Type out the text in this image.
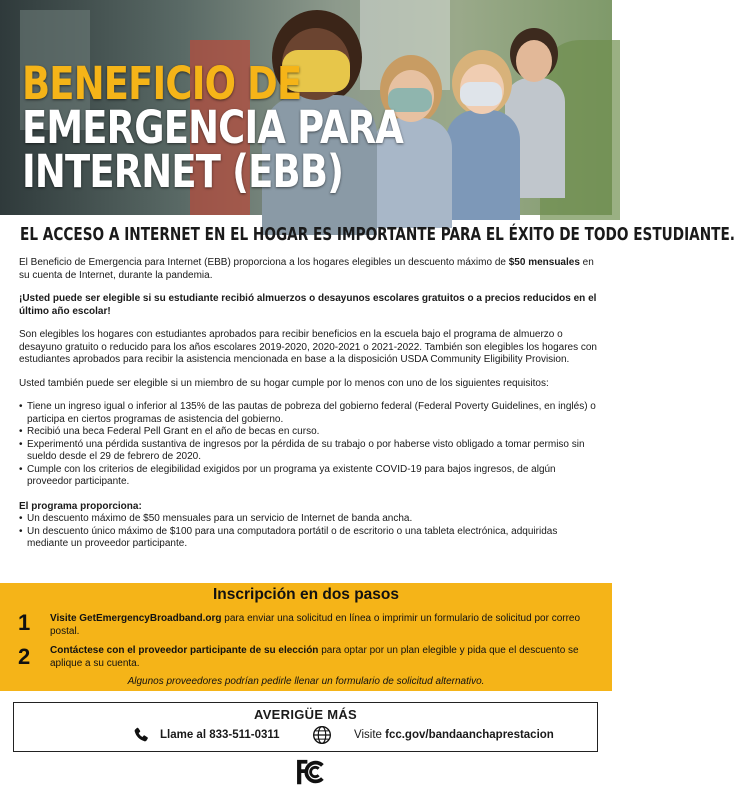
BENEFICIO DE
EMERGENCIA PARA
INTERNET (EBB)
EL ACCESO A INTERNET EN EL HOGAR ES IMPORTANTE PARA EL ÉXITO DE TODO ESTUDIANTE.

El Beneficio de Emergencia para Internet (EBB) proporciona a los hogares elegibles un descuento máximo de $50 mensuales en su cuenta de Internet, durante la pandemia.

¡Usted puede ser elegible si su estudiante recibió almuerzos o desayunos escolares gratuitos o a precios reducidos en el último año escolar!

Son elegibles los hogares con estudiantes aprobados para recibir beneficios en la escuela bajo el programa de almuerzo o desayuno gratuito o reducido para los años escolares 2019-2020, 2020-2021 o 2021-2022. También son elegibles los hogares con estudiantes aprobados para recibir la asistencia mencionada en base a la disposición USDA Community Eligibility Provision.

Usted también puede ser elegible si un miembro de su hogar cumple por lo menos con uno de los siguientes requisitos:

• Tiene un ingreso igual o inferior al 135% de las pautas de pobreza del gobierno federal (Federal Poverty Guidelines, en inglés) o participa en ciertos programas de asistencia del gobierno.
• Recibió una beca Federal Pell Grant en el año de becas en curso.
• Experimentó una pérdida sustantiva de ingresos por la pérdida de su trabajo o por haberse visto obligado a tomar permiso sin sueldo desde el 29 de febrero de 2020.
• Cumple con los criterios de elegibilidad exigidos por un programa ya existente COVID-19 para bajos ingresos, de algún proveedor participante.

El programa proporciona:

• Un descuento máximo de $50 mensuales para un servicio de Internet de banda ancha.
• Un descuento único máximo de $100 para una computadora portátil o de escritorio o una tableta electrónica, adquiridas mediante un proveedor participante.
Inscripción en dos pasos
1 Visite GetEmergencyBroadband.org para enviar una solicitud en línea o imprimir un formulario de solicitud por correo postal.
2 Contáctese con el proveedor participante de su elección para optar por un plan elegible y pida que el descuento se aplique a su cuenta.
Algunos proveedores podrían pedirle llenar un formulario de solicitud alternativo.
AVERIGÜE MÁS
Llame al 833-511-0311	Visite fcc.gov/bandaanchaprestacion
